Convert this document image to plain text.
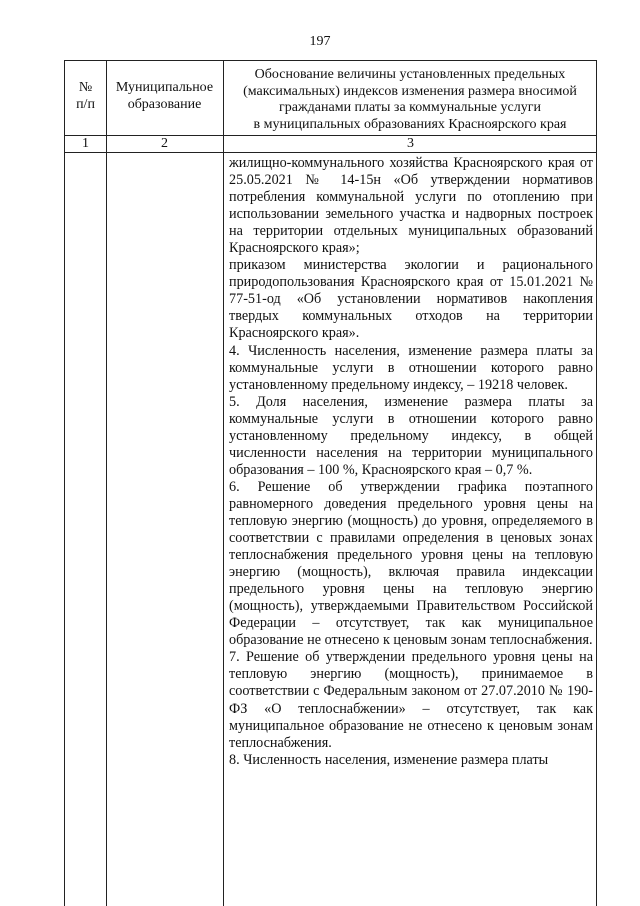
197
№
п/п
Муниципальное
образование
Обоснование величины установленных предельных (максимальных) индексов изменения размера вносимой гражданами платы за коммунальные услуги
в муниципальных образованиях Красноярского края
1	2	3

жилищно-коммунального хозяйства Красноярского края от 25.05.2021 № 14-15н «Об утверждении нормативов потребления коммунальной услуги по отоплению при использовании земельного участка и надворных построек на территории отдельных муниципальных образований Красноярского края»;

приказом министерства экологии и рационального природопользования Красноярского края от 15.01.2021 № 77-51-од «Об установлении нормативов накопления твердых коммунальных отходов на территории Красноярского края».

4. Численность населения, изменение размера платы за коммунальные услуги в отношении которого равно установленному предельному индексу, – 19218 человек.

5. Доля населения, изменение размера платы за коммунальные услуги в отношении которого равно установленному предельному индексу, в общей численности населения на территории муниципального образования – 100 %, Красноярского края – 0,7 %.

6. Решение об утверждении графика поэтапного равномерного доведения предельного уровня цены на тепловую энергию (мощность) до уровня, определяемого в соответствии с правилами определения в ценовых зонах теплоснабжения предельного уровня цены на тепловую энергию (мощность), включая правила индексации предельного уровня цены на тепловую энергию (мощность), утверждаемыми Правительством Российской Федерации – отсутствует, так как муниципальное образование не отнесено к ценовым зонам теплоснабжения.

7. Решение об утверждении предельного уровня цены на тепловую энергию (мощность), принимаемое в соответствии с Федеральным законом от 27.07.2010 № 190-ФЗ «О теплоснабжении» – отсутствует, так как муниципальное образование не отнесено к ценовым зонам теплоснабжения.

8. Численность населения, изменение размера платы
